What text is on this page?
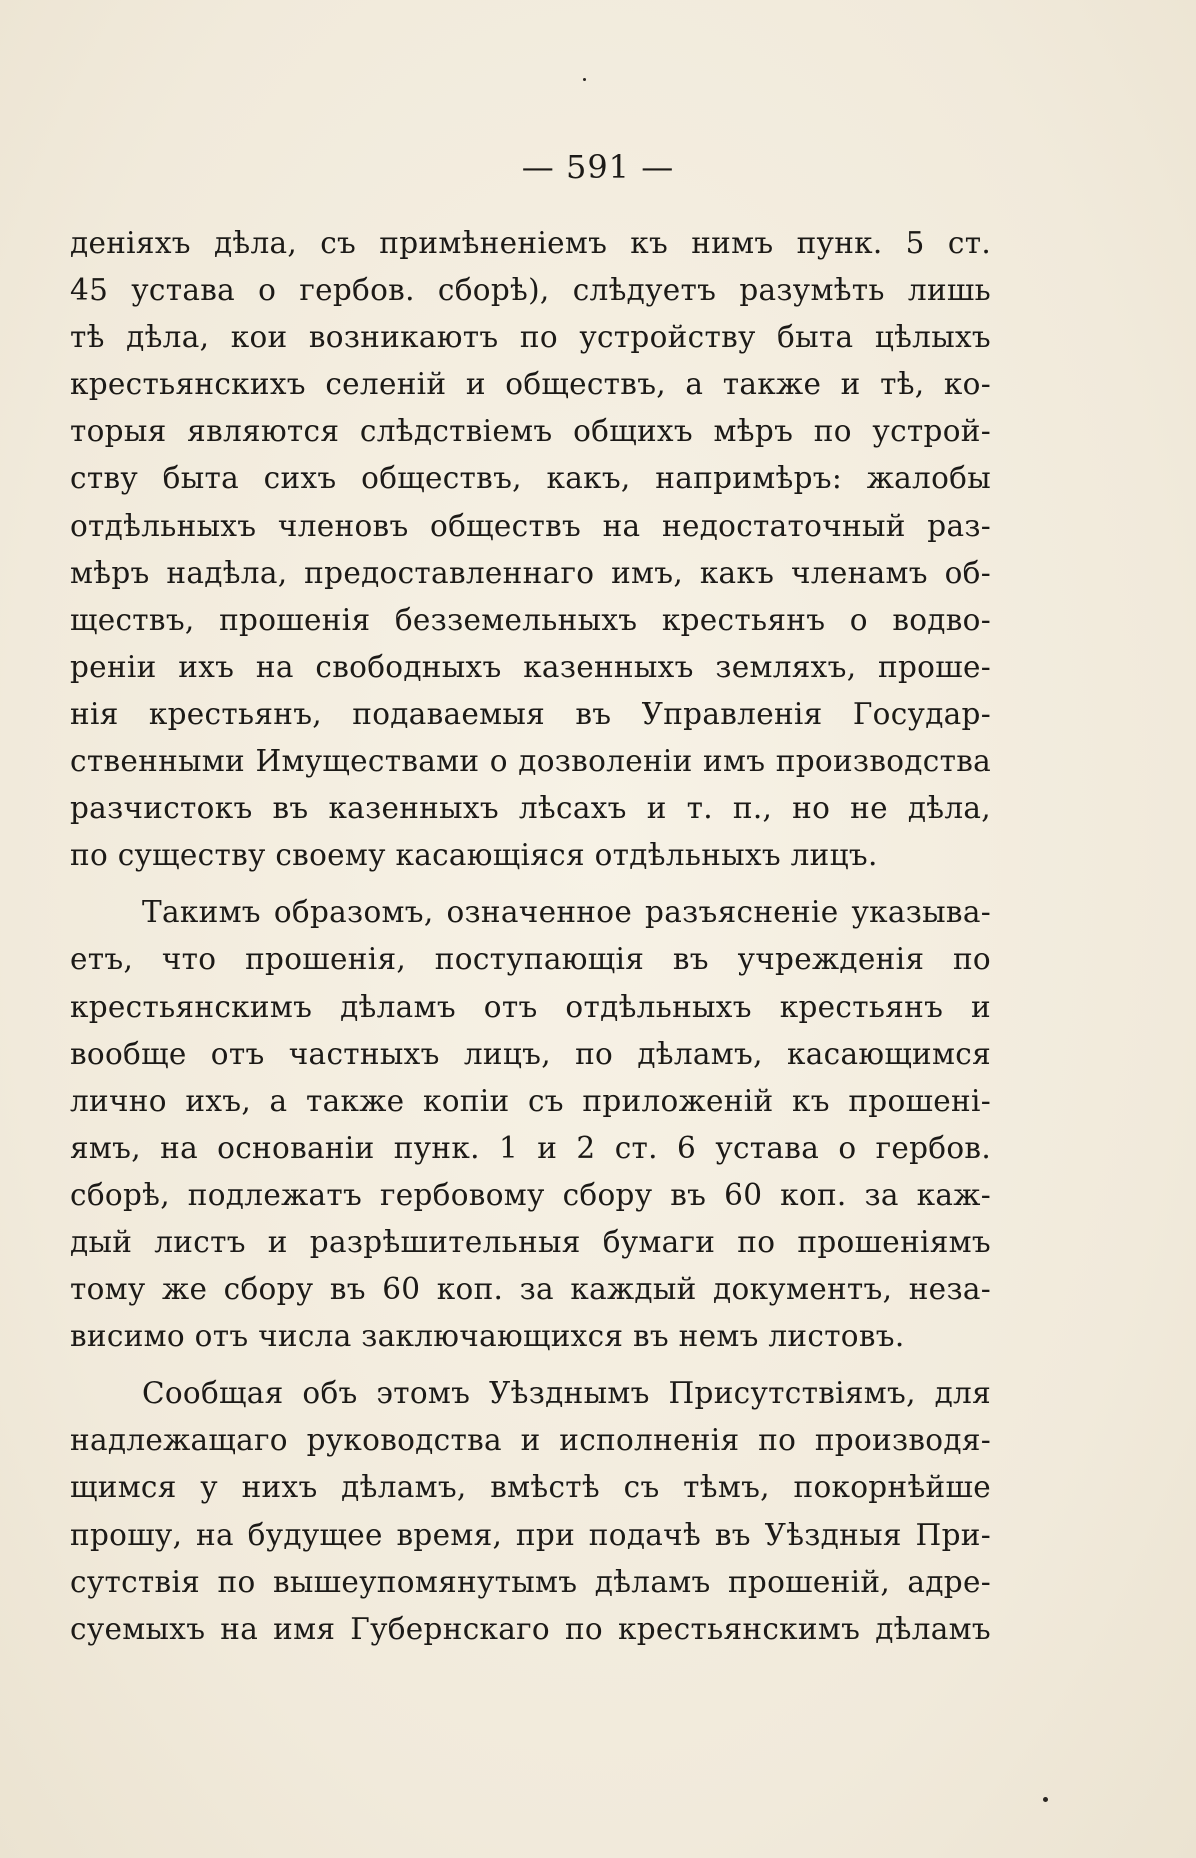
— 591 —
деніяхъ дѣла, съ примѣненіемъ къ нимъ пунк. 5 ст.
45 устава о гербов. сборѣ), слѣдуетъ разумѣть лишь
тѣ дѣла, кои возникаютъ по устройству быта цѣлыхъ
крестьянскихъ селеній и обществъ, а также и тѣ, ко-
торыя являются слѣдствіемъ общихъ мѣръ по устрой-
ству быта сихъ обществъ, какъ, напримѣръ: жалобы
отдѣльныхъ членовъ обществъ на недостаточный раз-
мѣръ надѣла, предоставленнаго имъ, какъ членамъ об-
ществъ, прошенія безземельныхъ крестьянъ о водво-
реніи ихъ на свободныхъ казенныхъ земляхъ, проше-
нія крестьянъ, подаваемыя въ Управленія Государ-
ственными Имуществами о дозволеніи имъ производства
разчистокъ въ казенныхъ лѣсахъ и т. п., но не дѣла,
по существу своему касающіяся отдѣльныхъ лицъ.
Такимъ образомъ, означенное разъясненіе указыва-
етъ, что прошенія, поступающія въ учрежденія по
крестьянскимъ дѣламъ отъ отдѣльныхъ крестьянъ и
вообще отъ частныхъ лицъ, по дѣламъ, касающимся
лично ихъ, а также копіи съ приложеній къ прошені-
ямъ, на основаніи пунк. 1 и 2 ст. 6 устава о гербов.
сборѣ, подлежатъ гербовому сбору въ 60 коп. за каж-
дый листъ и разрѣшительныя бумаги по прошеніямъ
тому же сбору въ 60 коп. за каждый документъ, неза-
висимо отъ числа заключающихся въ немъ листовъ.
Сообщая объ этомъ Уѣзднымъ Присутствіямъ, для
надлежащаго руководства и исполненія по производя-
щимся у нихъ дѣламъ, вмѣстѣ съ тѣмъ, покорнѣйше
прошу, на будущее время, при подачѣ въ Уѣздныя При-
сутствія по вышеупомянутымъ дѣламъ прошеній, адре-
суемыхъ на имя Губернскаго по крестьянскимъ дѣламъ
